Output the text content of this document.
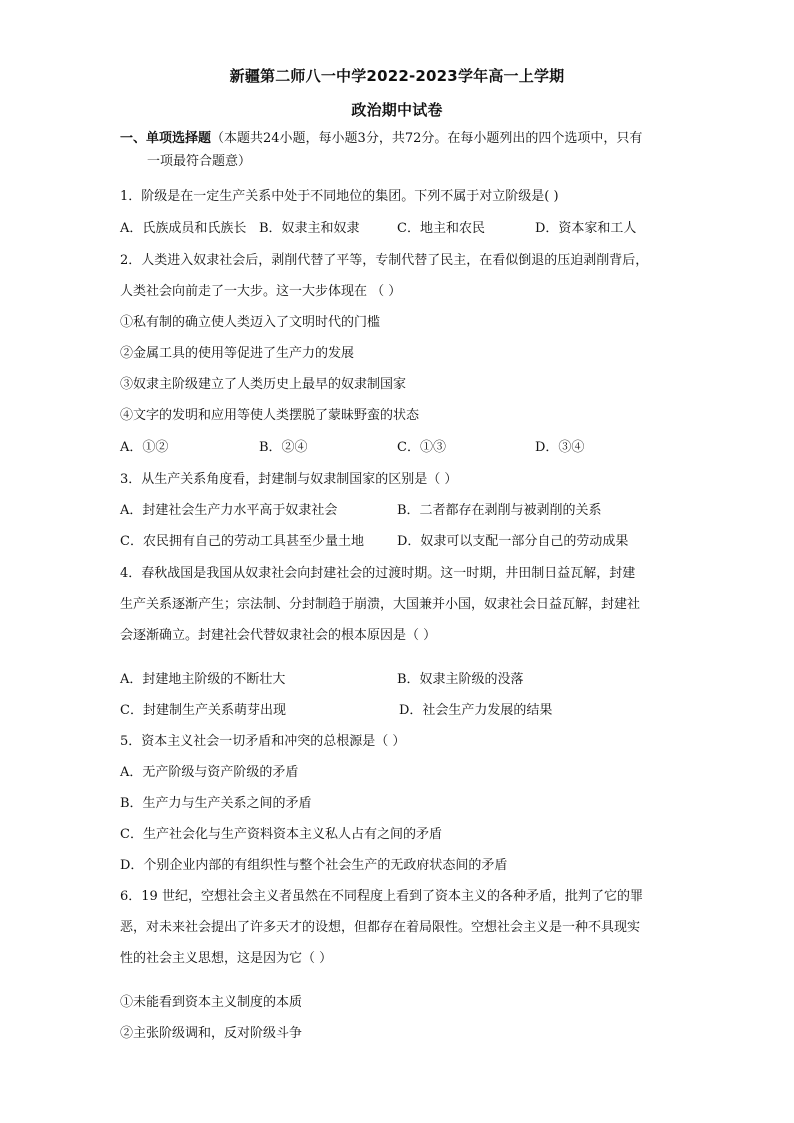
新疆第二师八一中学2022-2023学年高一上学期
政治期中试卷
一、单项选择题（本题共24小题，每小题3分，共72分。在每小题列出的四个选项中，只有
一项最符合题意）
1．阶级是在一定生产关系中处于不同地位的集团。下列不属于对立阶级是( )
A．氏族成员和氏族长 B．奴隶主和奴隶	C．地主和农民	D．资本家和工人
2．人类进入奴隶社会后，剥削代替了平等，专制代替了民主，在看似倒退的压迫剥削背后，
人类社会向前走了一大步。这一大步体现在 （ ）
①私有制的确立使人类迈入了文明时代的门槛
②金属工具的使用等促进了生产力的发展
③奴隶主阶级建立了人类历史上最早的奴隶制国家
④文字的发明和应用等使人类摆脱了蒙昧野蛮的状态
A．①②	B．②④	C．①③	D．③④
3．从生产关系角度看，封建制与奴隶制国家的区别是（ ）
A．封建社会生产力水平高于奴隶社会	B．二者都存在剥削与被剥削的关系
C．农民拥有自己的劳动工具甚至少量土地	D．奴隶可以支配一部分自己的劳动成果
4．春秋战国是我国从奴隶社会向封建社会的过渡时期。这一时期，井田制日益瓦解，封建
生产关系逐渐产生；宗法制、分封制趋于崩溃，大国兼并小国，奴隶社会日益瓦解，封建社
会逐渐确立。封建社会代替奴隶社会的根本原因是（ ）
A．封建地主阶级的不断壮大	B．奴隶主阶级的没落
C．封建制生产关系萌芽出现	D．社会生产力发展的结果
5．资本主义社会一切矛盾和冲突的总根源是（ ）
A．无产阶级与资产阶级的矛盾
B．生产力与生产关系之间的矛盾
C．生产社会化与生产资料资本主义私人占有之间的矛盾
D．个别企业内部的有组织性与整个社会生产的无政府状态间的矛盾
6．19 世纪，空想社会主义者虽然在不同程度上看到了资本主义的各种矛盾，批判了它的罪
恶，对未来社会提出了许多天才的设想，但都存在着局限性。空想社会主义是一种不具现实
性的社会主义思想，这是因为它（ ）
①未能看到资本主义制度的本质
②主张阶级调和，反对阶级斗争
